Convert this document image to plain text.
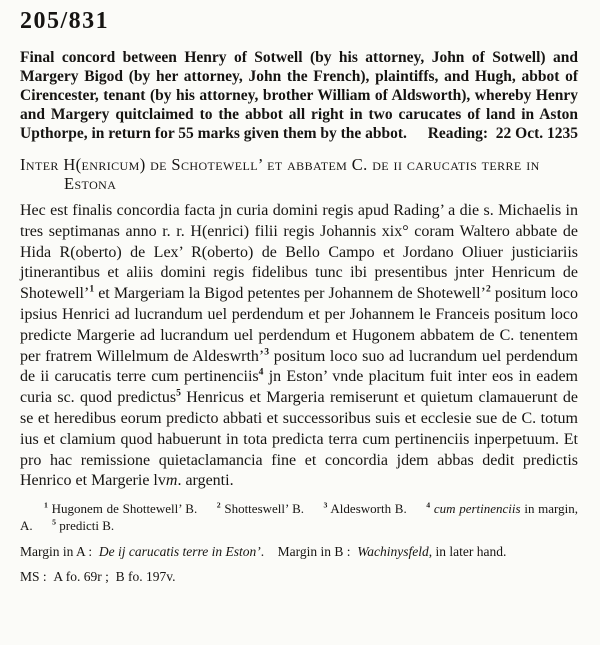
205/831

Final concord between Henry of Sotwell (by his attorney, John of Sotwell) and Margery Bigod (by her attorney, John the French), plaintiffs, and Hugh, abbot of Cirencester, tenant (by his attorney, brother William of Aldsworth), whereby Henry and Margery quitclaimed to the abbot all right in two carucates of land in Aston Upthorpe, in return for 55 marks given them by the abbot. Reading: 22 Oct. 1235

Inter H(enricum) de Schotewell’ et abbatem C. de ii carucatis terre in Estona

Hec est finalis concordia facta jn curia domini regis apud Rading’ a die s. Michaelis in tres septimanas anno r. r. H(enrici) filii regis Johannis xix° coram Waltero abbate de Hida R(oberto) de Lex’ R(oberto) de Bello Campo et Jordano Oliuer justiciariis jtinerantibus et aliis domini regis fidelibus tunc ibi presentibus jnter Henricum de Shotewell’$^1$ et Margeriam la Bigod petentes per Johannem de Shotewell’$^2$ positum loco ipsius Henrici ad lucrandum uel perdendum et per Johannem le Franceis positum loco predicte Margerie ad lucrandum uel perdendum et Hugonem abbatem de C. tenentem per fratrem Willelmum de Aldeswrth’$^3$ positum loco suo ad lucrandum uel perdendum de ii carucatis terre cum pertinenciis$^4$ jn Eston’ vnde placitum fuit inter eos in eadem curia sc. quod predictus$^5$ Henricus et Margeria remiserunt et quietum clamauerunt de se et heredibus eorum predicto abbati et successoribus suis et ecclesie sue de C. totum ius et clamium quod habuerunt in tota predicta terra cum pertinenciis inperpetuum. Et pro hac remissione quietaclamancia fine et concordia jdem abbas dedit predictis Henrico et Margerie lvm. argenti.

$^1$ Hugonem de Shottewell’ B.  	$^2$ Shotteswell’ B.  	$^3$ Aldesworth B.  	$^4$ cum pertinenciis in margin, A.  	$^5$ predicti B.

Margin in A : De ij carucatis terre in Eston’. Margin in B : Wachinysfeld, in later hand.

MS : A fo. 69r ; B fo. 197v.
